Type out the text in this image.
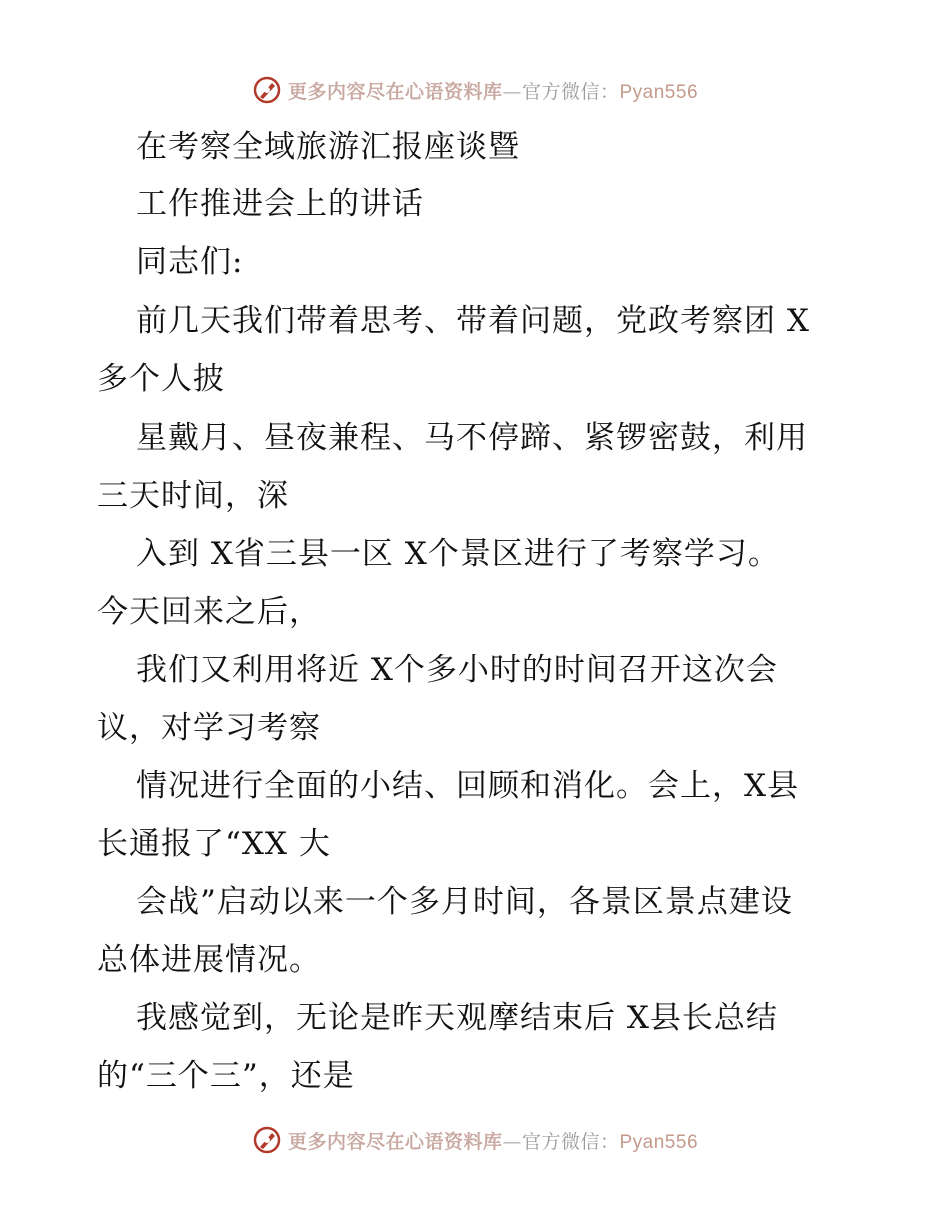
更多内容尽在心语资料库—官方微信：Pyan556
在考察全域旅游汇报座谈暨
工作推进会上的讲话
同志们:
前几天我们带着思考、带着问题，党政考察团 X
多个人披
星戴月、昼夜兼程、马不停蹄、紧锣密鼓，利用
三天时间，深
入到 X省三县一区 X个景区进行了考察学习。
今天回来之后，
我们又利用将近 X个多小时的时间召开这次会
议，对学习考察
情况进行全面的小结、回顾和消化。会上，X县
长通报了“XX 大
会战”启动以来一个多月时间，各景区景点建设
总体进展情况。
我感觉到，无论是昨天观摩结束后 X县长总结
的“三个三”，还是
更多内容尽在心语资料库—官方微信：Pyan556
